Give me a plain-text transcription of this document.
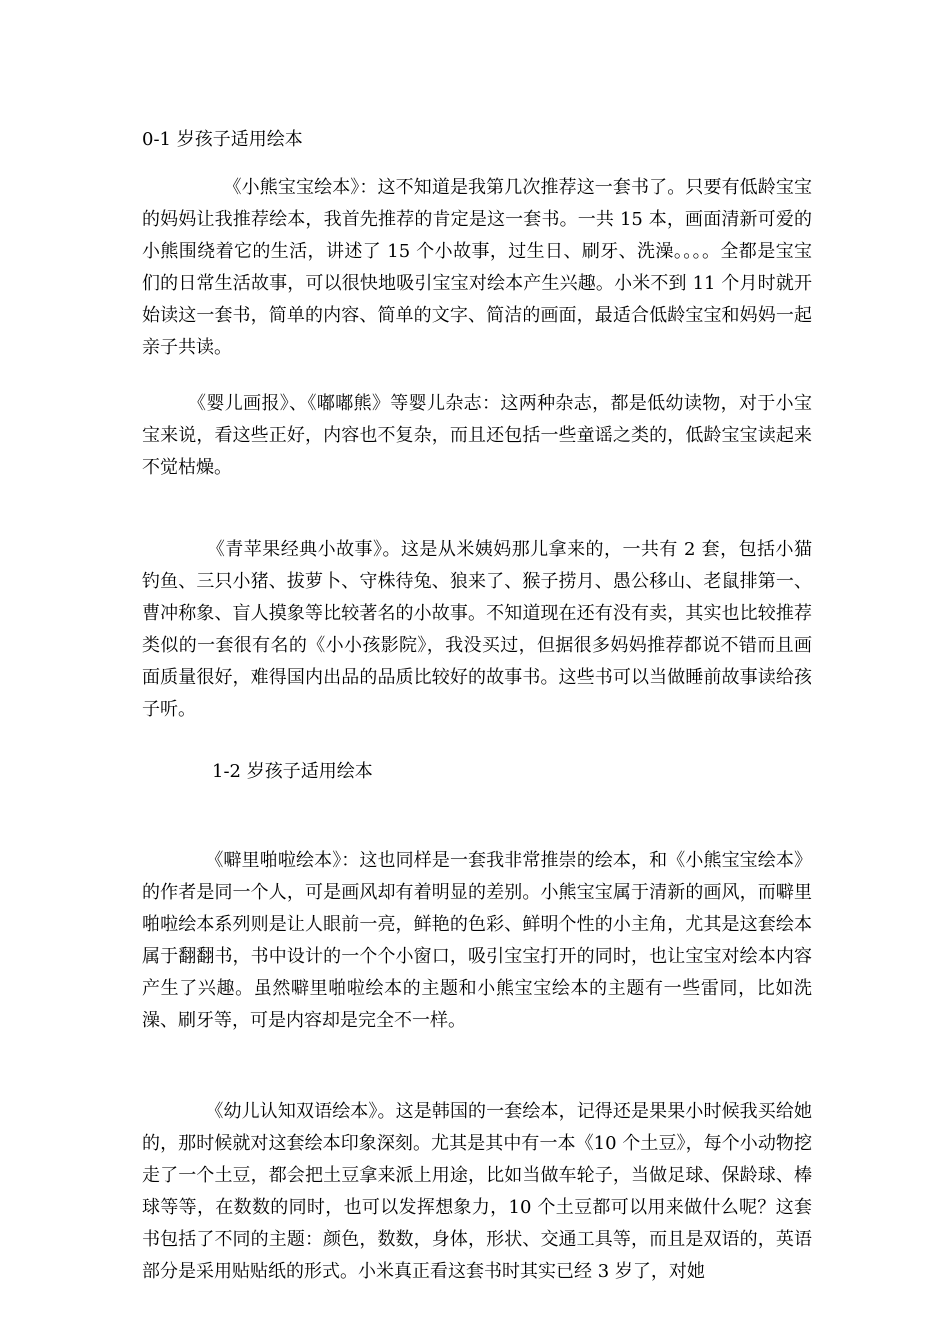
0-1 岁孩子适用绘本

　　　　　《小熊宝宝绘本》：这不知道是我第几次推荐这一套书了。只要有低龄宝宝的妈妈让我推荐绘本，我首先推荐的肯定是这一套书。一共 15 本，画面清新可爱的小熊围绕着它的生活，讲述了 15 个小故事，过生日、刷牙、洗澡。。。。全都是宝宝们的日常生活故事，可以很快地吸引宝宝对绘本产生兴趣。小米不到 11 个月时就开始读这一套书，简单的内容、简单的文字、简洁的画面，最适合低龄宝宝和妈妈一起亲子共读。

　　　《婴儿画报》、《嘟嘟熊》等婴儿杂志：这两种杂志，都是低幼读物，对于小宝宝来说，看这些正好，内容也不复杂，而且还包括一些童谣之类的，低龄宝宝读起来不觉枯燥。

　　　　《青苹果经典小故事》。这是从米姨妈那儿拿来的，一共有 2 套，包括小猫钓鱼、三只小猪、拔萝卜、守株待兔、狼来了、猴子捞月、愚公移山、老鼠排第一、曹冲称象、盲人摸象等比较著名的小故事。不知道现在还有没有卖，其实也比较推荐类似的一套很有名的《小小孩影院》，我没买过，但据很多妈妈推荐都说不错而且画面质量很好，难得国内出品的品质比较好的故事书。这些书可以当做睡前故事读给孩子听。

1-2 岁孩子适用绘本

　　　　《噼里啪啦绘本》：这也同样是一套我非常推崇的绘本，和《小熊宝宝绘本》的作者是同一个人，可是画风却有着明显的差别。小熊宝宝属于清新的画风，而噼里啪啦绘本系列则是让人眼前一亮，鲜艳的色彩、鲜明个性的小主角，尤其是这套绘本属于翻翻书，书中设计的一个个小窗口，吸引宝宝打开的同时，也让宝宝对绘本内容产生了兴趣。虽然噼里啪啦绘本的主题和小熊宝宝绘本的主题有一些雷同，比如洗澡、刷牙等，可是内容却是完全不一样。

　　　　《幼儿认知双语绘本》。这是韩国的一套绘本，记得还是果果小时候我买给她的，那时候就对这套绘本印象深刻。尤其是其中有一本《10 个土豆》，每个小动物挖走了一个土豆，都会把土豆拿来派上用途，比如当做车轮子，当做足球、保龄球、棒球等等，在数数的同时，也可以发挥想象力，10 个土豆都可以用来做什么呢？这套书包括了不同的主题：颜色，数数，身体，形状、交通工具等，而且是双语的，英语部分是采用贴贴纸的形式。小米真正看这套书时其实已经 3 岁了，对她
